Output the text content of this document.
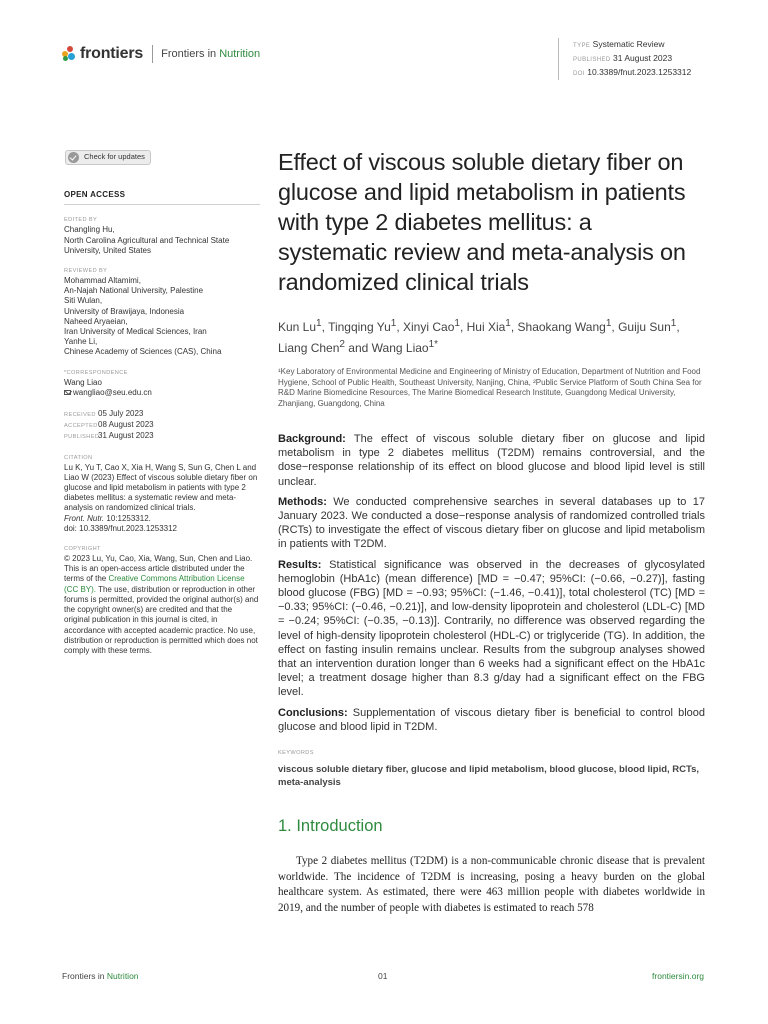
frontiers Frontiers in Nutrition
TYPE Systematic Review
PUBLISHED 31 August 2023
DOI 10.3389/fnut.2023.1253312
Check for updates
OPEN ACCESS
EDITED BY
Changling Hu,
North Carolina Agricultural and Technical State University, United States
REVIEWED BY
Mohammad Altamimi,
An-Najah National University, Palestine
Siti Wulan,
University of Brawijaya, Indonesia
Naheed Aryaeian,
Iran University of Medical Sciences, Iran
Yanhe Li,
Chinese Academy of Sciences (CAS), China
*CORRESPONDENCE
Wang Liao
wangliao@seu.edu.cn
RECEIVED 05 July 2023
ACCEPTED08 August 2023
PUBLISHED31 August 2023
CITATION
Lu K, Yu T, Cao X, Xia H, Wang S, Sun G, Chen L and Liao W (2023) Effect of viscous soluble dietary fiber on glucose and lipid metabolism in patients with type 2 diabetes mellitus: a systematic review and meta-analysis on randomized clinical trials.
Front. Nutr. 10:1253312.
doi: 10.3389/fnut.2023.1253312
COPYRIGHT
© 2023 Lu, Yu, Cao, Xia, Wang, Sun, Chen and Liao. This is an open-access article distributed under the terms of the Creative Commons Attribution License (CC BY). The use, distribution or reproduction in other forums is permitted, provided the original author(s) and the copyright owner(s) are credited and that the original publication in this journal is cited, in accordance with accepted academic practice. No use, distribution or reproduction is permitted which does not comply with these terms.
Effect of viscous soluble dietary fiber on glucose and lipid metabolism in patients with type 2 diabetes mellitus: a systematic review and meta-analysis on randomized clinical trials
Kun Lu$^1$, Tingqing Yu$^1$, Xinyi Cao$^1$, Hui Xia$^1$, Shaokang Wang$^1$, Guiju Sun$^1$, Liang Chen$^2$ and Wang Liao$^{1*}$
¹Key Laboratory of Environmental Medicine and Engineering of Ministry of Education, Department of Nutrition and Food Hygiene, School of Public Health, Southeast University, Nanjing, China, ²Public Service Platform of South China Sea for R&D Marine Biomedicine Resources, The Marine Biomedical Research Institute, Guangdong Medical University, Zhanjiang, Guangdong, China

Background: The effect of viscous soluble dietary fiber on glucose and lipid metabolism in type 2 diabetes mellitus (T2DM) remains controversial, and the dose−response relationship of its effect on blood glucose and blood lipid level is still unclear.

Methods: We conducted comprehensive searches in several databases up to 17 January 2023. We conducted a dose−response analysis of randomized controlled trials (RCTs) to investigate the effect of viscous dietary fiber on glucose and lipid metabolism in patients with T2DM.

Results: Statistical significance was observed in the decreases of glycosylated hemoglobin (HbA1c) (mean difference) [MD = −0.47; 95%CI: (−0.66, −0.27)], fasting blood glucose (FBG) [MD = −0.93; 95%CI: (−1.46, −0.41)], total cholesterol (TC) [MD = −0.33; 95%CI: (−0.46, −0.21)], and low-density lipoprotein and cholesterol (LDL-C) [MD = −0.24; 95%CI: (−0.35, −0.13)]. Contrarily, no difference was observed regarding the level of high-density lipoprotein cholesterol (HDL-C) or triglyceride (TG). In addition, the effect on fasting insulin remains unclear. Results from the subgroup analyses showed that an intervention duration longer than 6 weeks had a significant effect on the HbA1c level; a treatment dosage higher than 8.3 g/day had a significant effect on the FBG level.

Conclusions: Supplementation of viscous dietary fiber is beneficial to control blood glucose and blood lipid in T2DM.

KEYWORDS
viscous soluble dietary fiber, glucose and lipid metabolism, blood glucose, blood lipid, RCTs, meta-analysis
1. Introduction

Type 2 diabetes mellitus (T2DM) is a non-communicable chronic disease that is prevalent worldwide. The incidence of T2DM is increasing, posing a heavy burden on the global healthcare system. As estimated, there were 463 million people with diabetes worldwide in 2019, and the number of people with diabetes is estimated to reach 578

Frontiers in Nutrition	01	frontiersin.org
